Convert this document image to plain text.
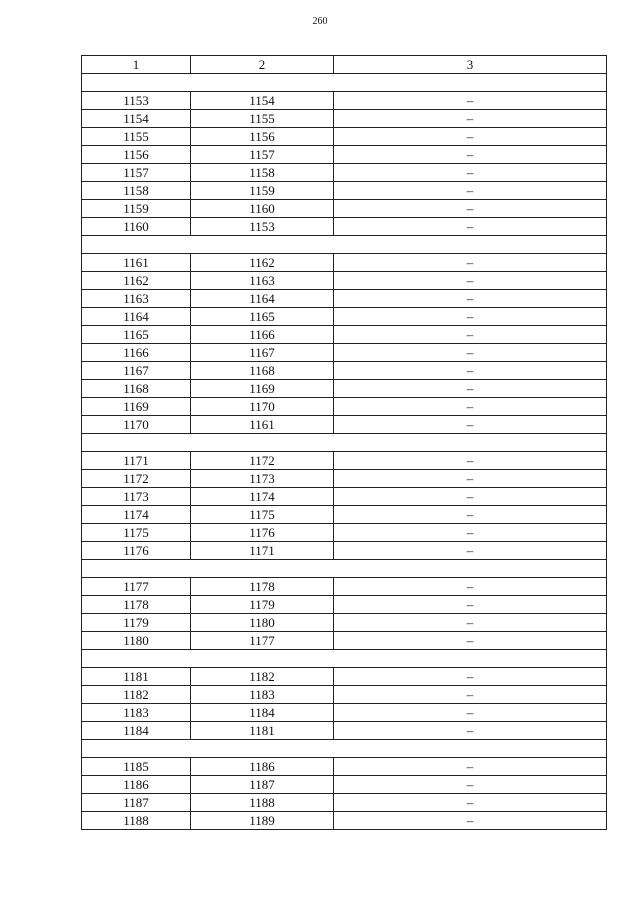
260
1	2	3

1153	1154	–
1154	1155	–
1155	1156	–
1156	1157	–
1157	1158	–
1158	1159	–
1159	1160	–
1160	1153	–

1161	1162	–
1162	1163	–
1163	1164	–
1164	1165	–
1165	1166	–
1166	1167	–
1167	1168	–
1168	1169	–
1169	1170	–
1170	1161	–

1171	1172	–
1172	1173	–
1173	1174	–
1174	1175	–
1175	1176	–
1176	1171	–

1177	1178	–
1178	1179	–
1179	1180	–
1180	1177	–

1181	1182	–
1182	1183	–
1183	1184	–
1184	1181	–

1185	1186	–
1186	1187	–
1187	1188	–
1188	1189	–
